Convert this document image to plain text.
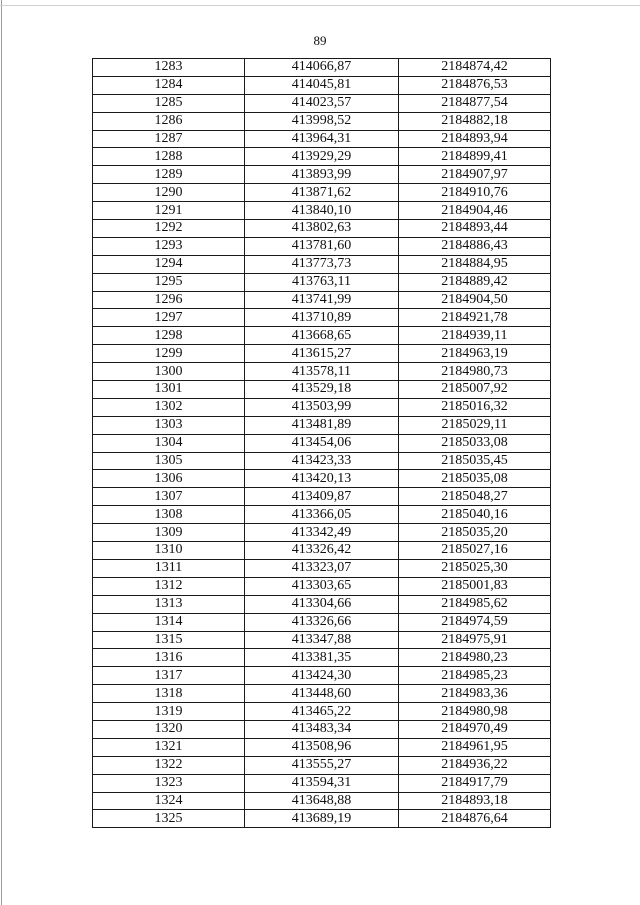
89
1283	414066,87	2184874,42
1284	414045,81	2184876,53
1285	414023,57	2184877,54
1286	413998,52	2184882,18
1287	413964,31	2184893,94
1288	413929,29	2184899,41
1289	413893,99	2184907,97
1290	413871,62	2184910,76
1291	413840,10	2184904,46
1292	413802,63	2184893,44
1293	413781,60	2184886,43
1294	413773,73	2184884,95
1295	413763,11	2184889,42
1296	413741,99	2184904,50
1297	413710,89	2184921,78
1298	413668,65	2184939,11
1299	413615,27	2184963,19
1300	413578,11	2184980,73
1301	413529,18	2185007,92
1302	413503,99	2185016,32
1303	413481,89	2185029,11
1304	413454,06	2185033,08
1305	413423,33	2185035,45
1306	413420,13	2185035,08
1307	413409,87	2185048,27
1308	413366,05	2185040,16
1309	413342,49	2185035,20
1310	413326,42	2185027,16
1311	413323,07	2185025,30
1312	413303,65	2185001,83
1313	413304,66	2184985,62
1314	413326,66	2184974,59
1315	413347,88	2184975,91
1316	413381,35	2184980,23
1317	413424,30	2184985,23
1318	413448,60	2184983,36
1319	413465,22	2184980,98
1320	413483,34	2184970,49
1321	413508,96	2184961,95
1322	413555,27	2184936,22
1323	413594,31	2184917,79
1324	413648,88	2184893,18
1325	413689,19	2184876,64
